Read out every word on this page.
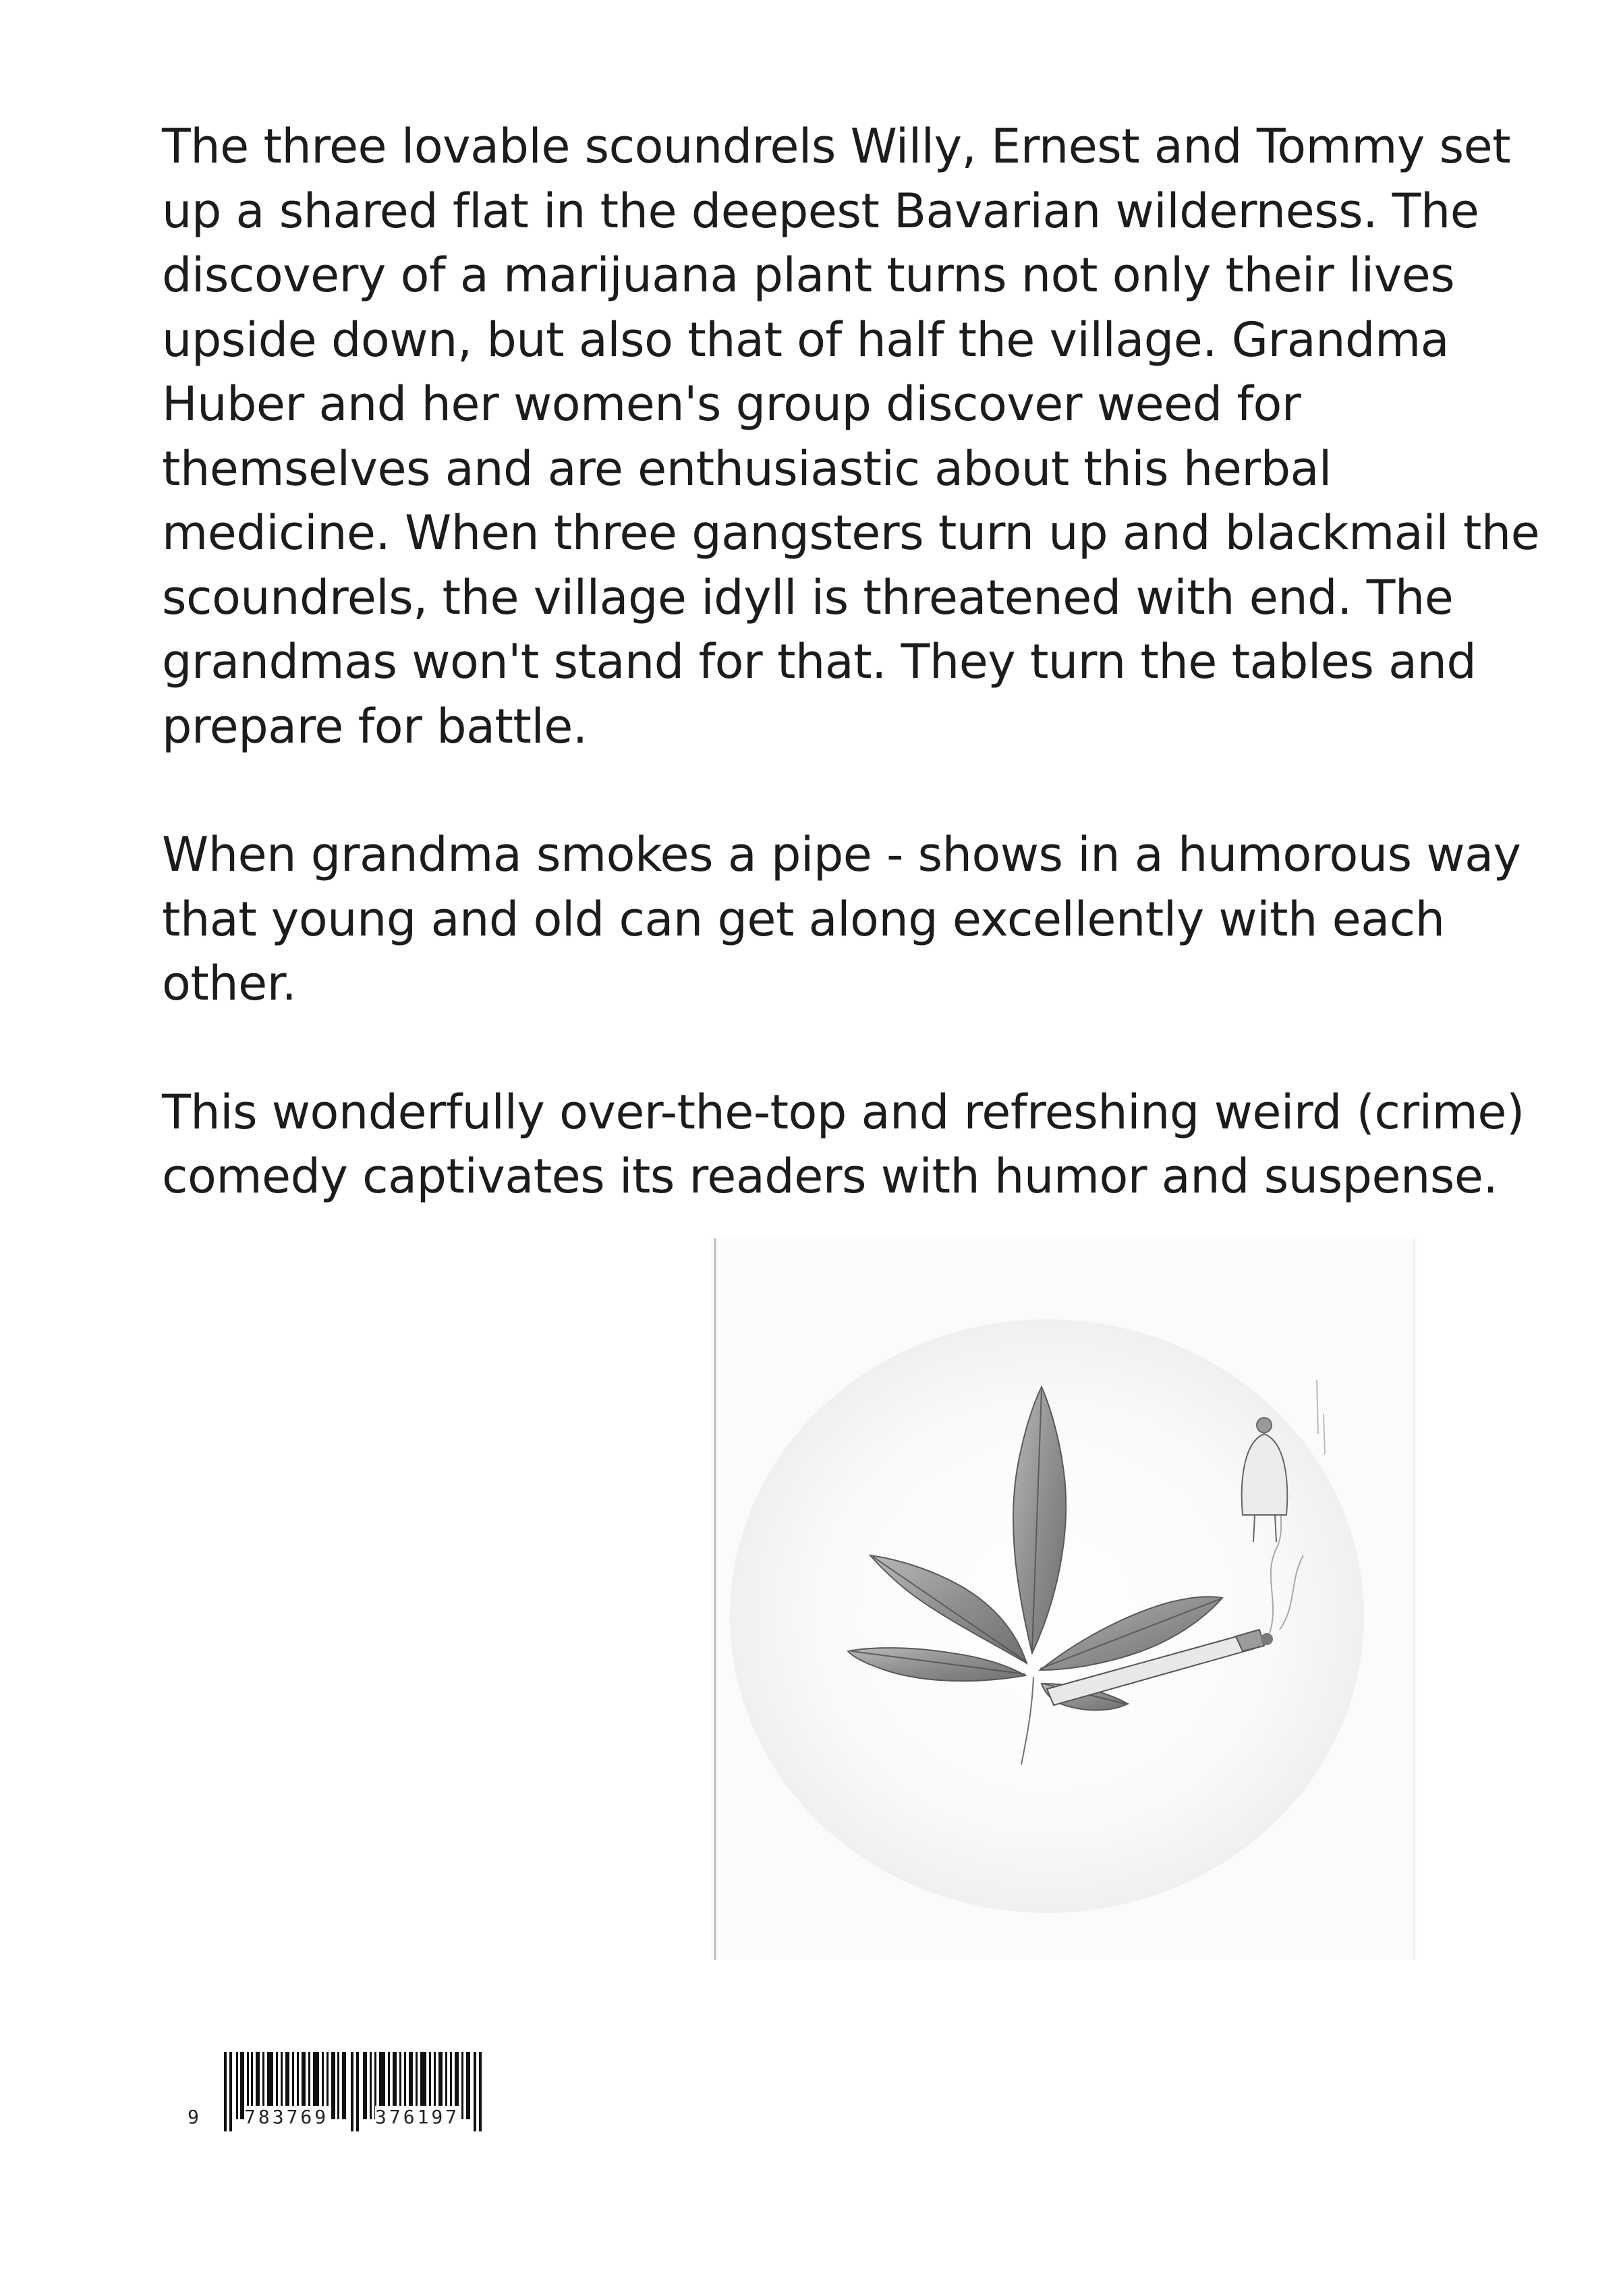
The three lovable scoundrels Willy, Ernest and Tommy set up a shared flat in the deepest Bavarian wilderness. The discovery of a marijuana plant turns not only their lives upside down, but also that of half the village. Grandma Huber and her women's group discover weed for themselves and are enthusiastic about this herbal medicine. When three gangsters turn up and blackmail the scoundrels, the village idyll is threatened with end. The grandmas won't stand for that. They turn the tables and prepare for battle.

When grandma smokes a pipe - shows in a humorous way that young and old can get along excellently with each other.

This wonderfully over-the-top and refreshing weird (crime) comedy captivates its readers with humor and suspense.

9 783769 376197
